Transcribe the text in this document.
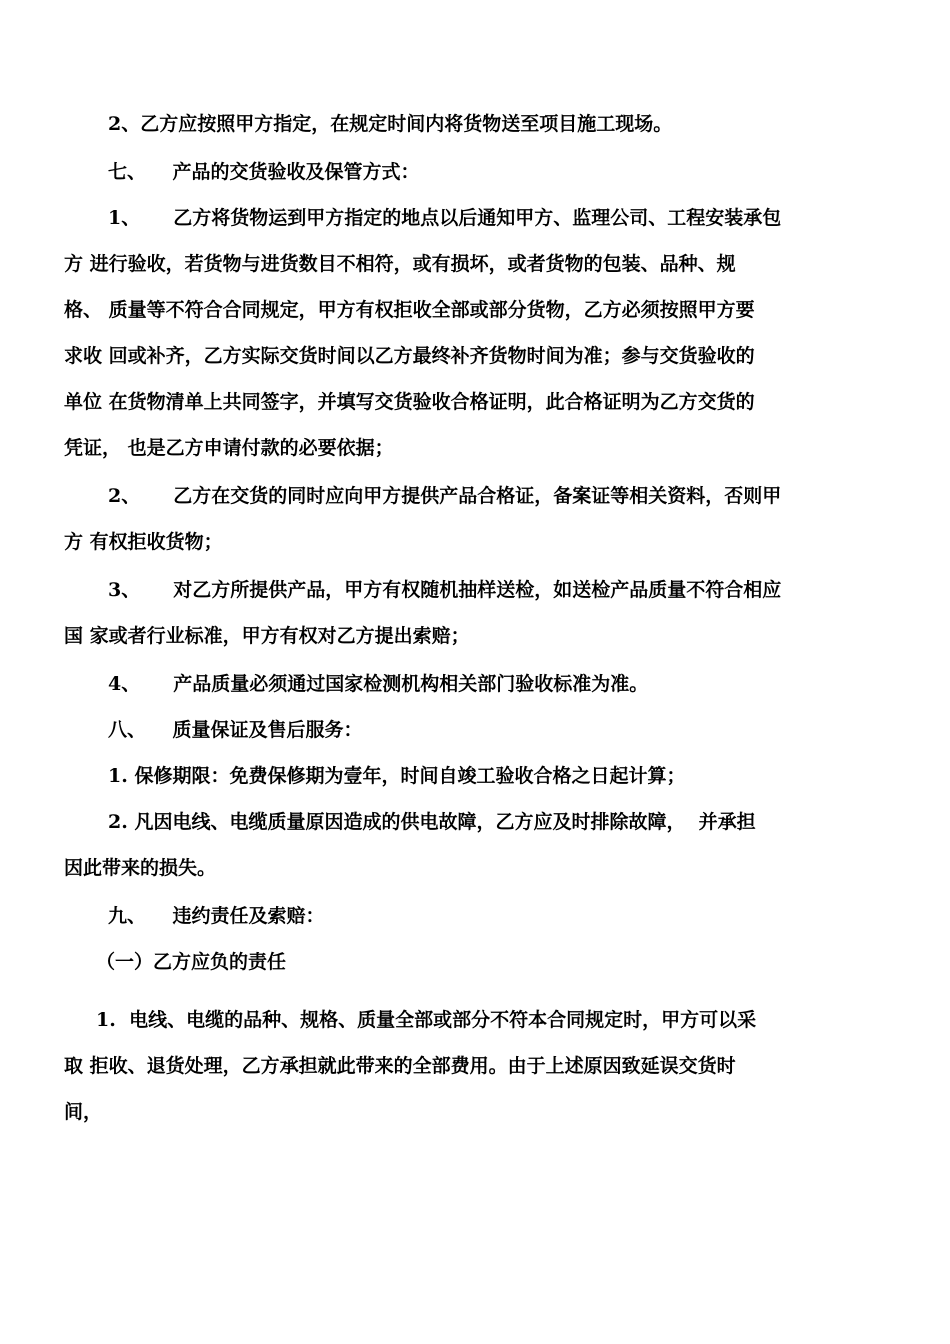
2、乙方应按照甲方指定，在规定时间内将货物送至项目施工现场。
七、    产品的交货验收及保管方式：
1、     乙方将货物运到甲方指定的地点以后通知甲方、监理公司、工程安装承包
方 进行验收，若货物与进货数目不相符，或有损坏，或者货物的包装、品种、规
格、 质量等不符合合同规定，甲方有权拒收全部或部分货物，乙方必须按照甲方要
求收 回或补齐，乙方实际交货时间以乙方最终补齐货物时间为准；参与交货验收的
单位 在货物清单上共同签字，并填写交货验收合格证明，此合格证明为乙方交货的
凭证， 也是乙方申请付款的必要依据；
2、     乙方在交货的同时应向甲方提供产品合格证，备案证等相关资料，否则甲
方 有权拒收货物；
3、     对乙方所提供产品，甲方有权随机抽样送检，如送检产品质量不符合相应
国 家或者行业标准，甲方有权对乙方提出索赔；
4、     产品质量必须通过国家检测机构相关部门验收标准为准。
八、    质量保证及售后服务：
1. 保修期限：免费保修期为壹年，时间自竣工验收合格之日起计算；
2. 凡因电线、电缆质量原因造成的供电故障，乙方应及时排除故障，  并承担
因此带来的损失。
九、    违约责任及索赔：
（一）乙方应负的责任
1.  电线、电缆的品种、规格、质量全部或部分不符本合同规定时，甲方可以采
取 拒收、退货处理，乙方承担就此带来的全部费用。由于上述原因致延误交货时
间，
